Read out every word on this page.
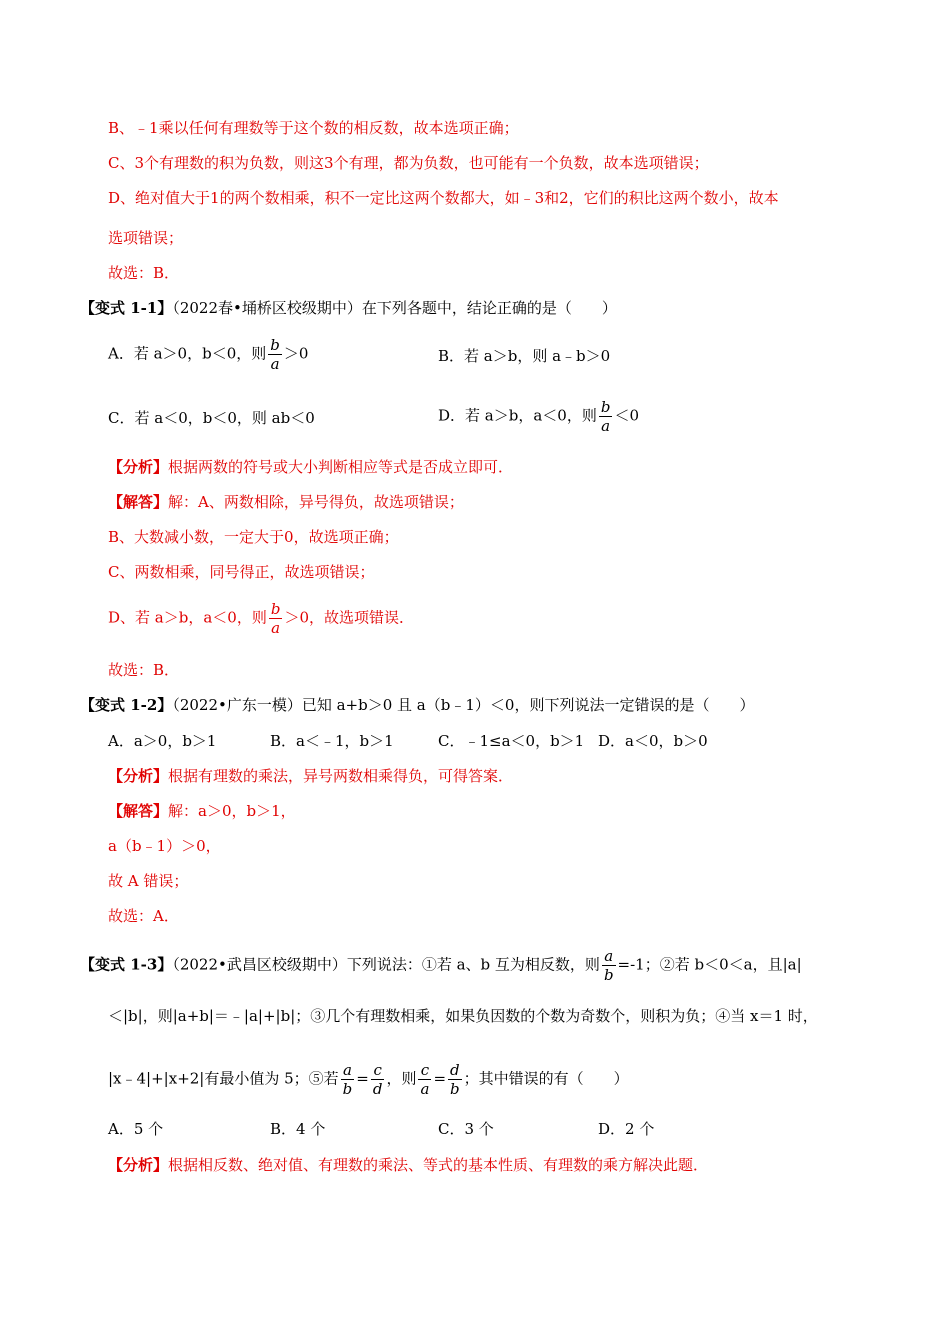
B、﹣1乘以任何有理数等于这个数的相反数，故本选项正确；
C、3个有理数的积为负数，则这3个有理，都为负数，也可能有一个负数，故本选项错误；
D、绝对值大于1的两个数相乘，积不一定比这两个数都大，如﹣3和2，它们的积比这两个数小，故本
选项错误；
故选：B．
【变式 1-1】（2022春•埇桥区校级期中）在下列各题中，结论正确的是（　　）
A．若 a＞0，b＜0，则 $\frac{b}{a} >0$	B．若 a＞b，则 a﹣b＞0
C．若 a＜0，b＜0，则 ab＜0	D．若 a＞b，a＜0，则 $\frac{b}{a} <0$
【分析】根据两数的符号或大小判断相应等式是否成立即可．
【解答】解：A、两数相除，异号得负，故选项错误；
B、大数减小数，一定大于0，故选项正确；
C、两数相乘，同号得正，故选项错误；
D、若 a＞b，a＜0，则 $\frac{b}{a} >0$，故选项错误．
故选：B．
【变式 1-2】（2022•广东一模）已知 a+b＞0 且 a（b﹣1）＜0，则下列说法一定错误的是（　　）
A．a＞0，b＞1	B．a＜﹣1，b＞1	C．﹣1≤a＜0，b＞1 D．a＜0，b＞0
【分析】根据有理数的乘法，异号两数相乘得负，可得答案．
【解答】解：a＞0，b＞1，
a（b﹣1）＞0，
故 A 错误；
故选：A．
【变式 1-3】（2022•武昌区校级期中）下列说法：①若 a、b 互为相反数，则 $\frac{a}{b} =-1$；②若 b＜0＜a，且|a|
＜|b|，则|a+b|＝﹣|a|+|b|；③几个有理数相乘，如果负因数的个数为奇数个，则积为负；④当 x＝1 时，
|x﹣4|+|x+2|有最小值为 5；⑤若 $\frac{a}{b} = \frac{c}{d}$ ，则 $\frac{c}{a} = \frac{d}{b}$ ；其中错误的有（　　）
A．5 个	B．4 个	C．3 个	D．2 个
【分析】根据相反数、绝对值、有理数的乘法、等式的基本性质、有理数的乘方解决此题．
